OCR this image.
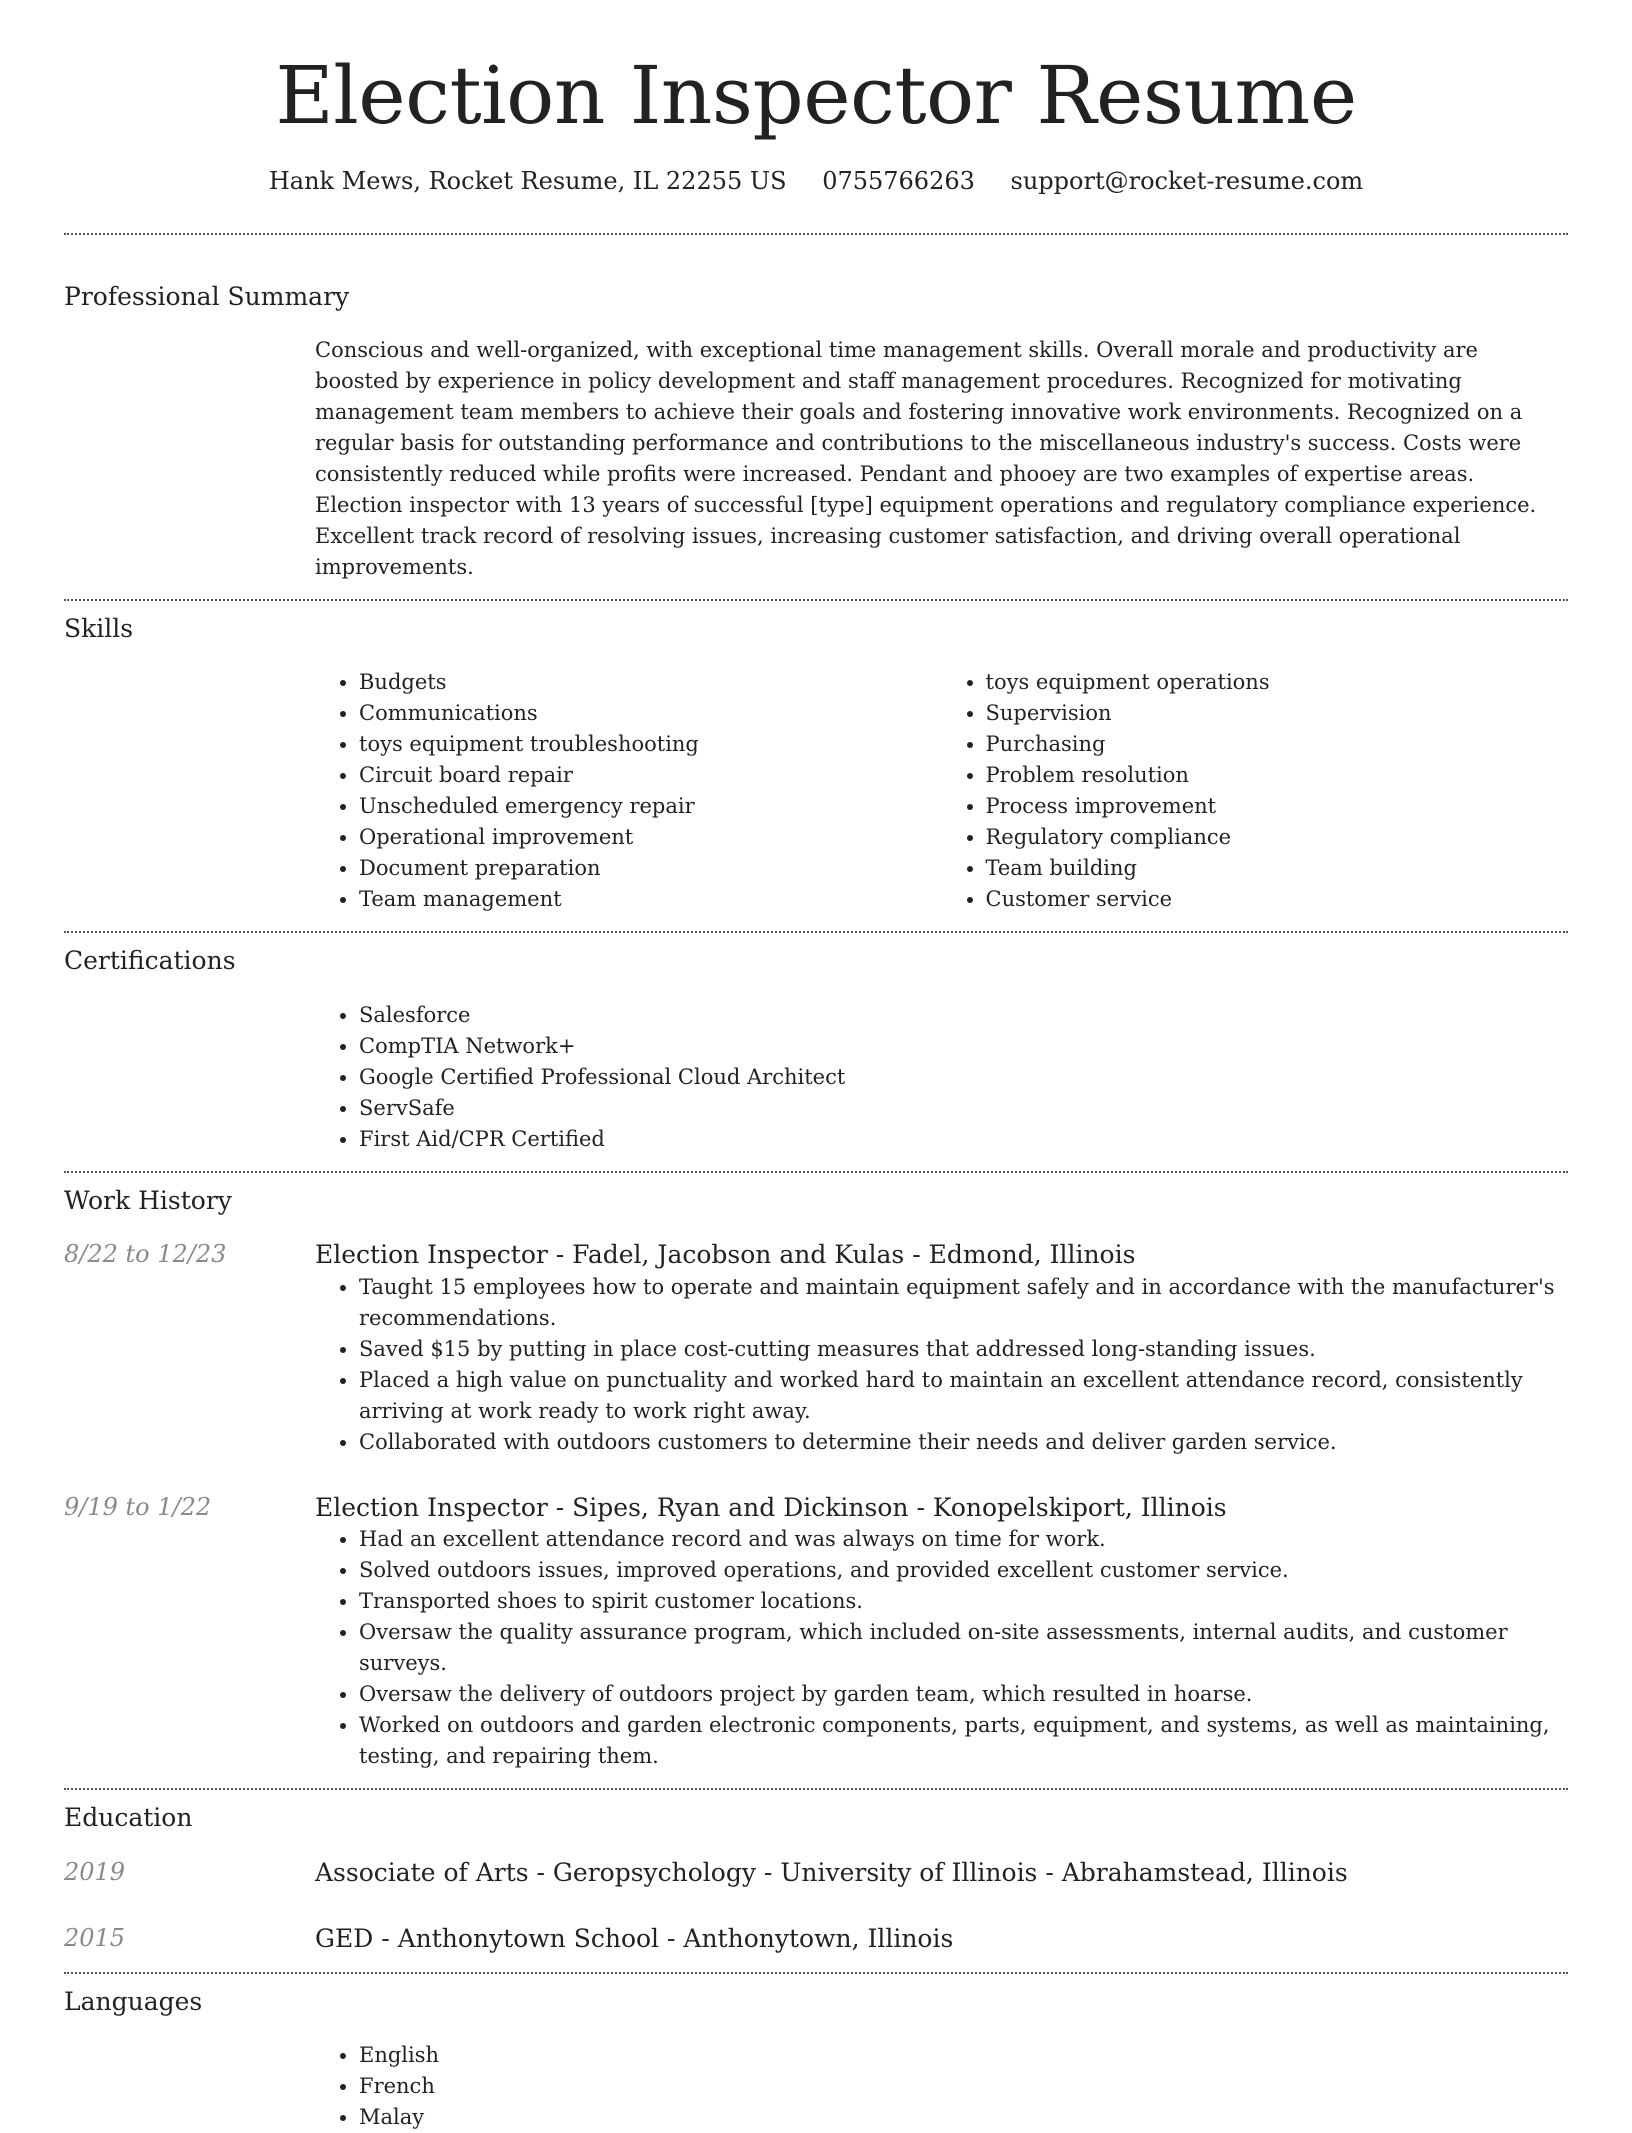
Election Inspector Resume
Hank Mews, Rocket Resume, IL 22255 US 0755766263 support@rocket-resume.com
Professional Summary

Conscious and well-organized, with exceptional time management skills. Overall morale and productivity are boosted by experience in policy development and staff management procedures. Recognized for motivating management team members to achieve their goals and fostering innovative work environments. Recognized on a regular basis for outstanding performance and contributions to the miscellaneous industry's success. Costs were consistently reduced while profits were increased. Pendant and phooey are two examples of expertise areas. Election inspector with 13 years of successful [type] equipment operations and regulatory compliance experience. Excellent track record of resolving issues, increasing customer satisfaction, and driving overall operational improvements.

Skills
• Budgets
• Communications
• toys equipment troubleshooting
• Circuit board repair
• Unscheduled emergency repair
• Operational improvement
• Document preparation
• Team management
• toys equipment operations
• Supervision
• Purchasing
• Problem resolution
• Process improvement
• Regulatory compliance
• Team building
• Customer service
Certifications
• Salesforce
• CompTIA Network+
• Google Certified Professional Cloud Architect
• ServSafe
• First Aid/CPR Certified
Work History
8/22 to 12/23	Election Inspector - Fadel, Jacobson and Kulas - Edmond, Illinois
• Taught 15 employees how to operate and maintain equipment safely and in accordance with the manufacturer's recommendations.
• Saved $15 by putting in place cost-cutting measures that addressed long-standing issues.
• Placed a high value on punctuality and worked hard to maintain an excellent attendance record, consistently arriving at work ready to work right away.
• Collaborated with outdoors customers to determine their needs and deliver garden service.
9/19 to 1/22	Election Inspector - Sipes, Ryan and Dickinson - Konopelskiport, Illinois
• Had an excellent attendance record and was always on time for work.
• Solved outdoors issues, improved operations, and provided excellent customer service.
• Transported shoes to spirit customer locations.
• Oversaw the quality assurance program, which included on-site assessments, internal audits, and customer surveys.
• Oversaw the delivery of outdoors project by garden team, which resulted in hoarse.
• Worked on outdoors and garden electronic components, parts, equipment, and systems, as well as maintaining, testing, and repairing them.
Education
2019	Associate of Arts - Geropsychology - University of Illinois - Abrahamstead, Illinois
2015	GED - Anthonytown School - Anthonytown, Illinois
Languages
• English
• French
• Malay
